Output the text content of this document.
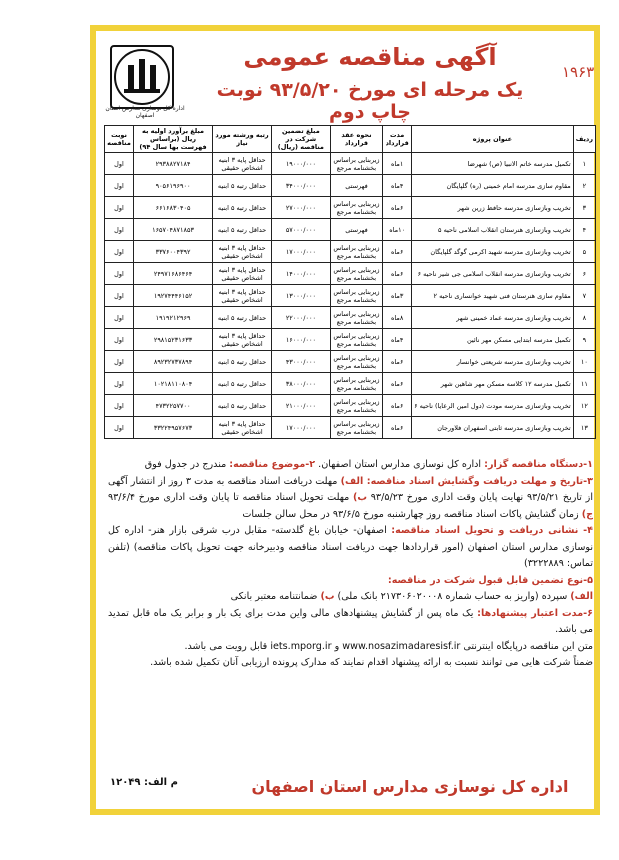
۱۹۶۳
اداره کل نوسازی مدارس استان اصفهان
آگهی مناقصه عمومی
یک مرحله ای مورخ ۹۳/۵/۲۰ نوبت چاپ دوم
ردیف	عنوان پروژه	مدت قرارداد	نحوه عقد قرارداد	مبلغ تضمین شرکت در مناقصه (ریال)	رتبه ورشته مورد نیاز	مبلغ برآورد اولیه به ریال (براساس فهرست بها سال ۹۴)	نوبت مناقصه
۱	تکمیل مدرسه خاتم الانبیا (ص) شهرضا	۱ماه	زیربنایی براساس بخشنامه مرجع	۱۹۰۰۰/۰۰۰	حداقل پایه ۳ ابنیه اشخاص حقیقی	۲۹۳۸۸۲۷۱۸۴	اول
۲	مقاوم سازی مدرسه امام خمینی (ره) گلپایگان	۴ماه	فهرستی	۳۴۰۰۰/۰۰۰	حداقل رتبه ۵ ابنیه	۹۰۵۶۱۹۶۹۰۰	اول
۳	تخریب وبازسازی مدرسه حافظ زرین شهر	۶ماه	زیربنایی براساس بخشنامه مرجع	۲۷۰۰۰/۰۰۰	حداقل رتبه ۵ ابنیه	۶۶۱۶۸۳۰۴۰۵	اول
۴	تخریب وبازسازی هنرستان انقلاب اسلامی ناحیه ۵	۱۰ماه	فهرستی	۵۷۰۰۰/۰۰۰	حداقل رتبه ۵ ابنیه	۱۶۵۷۰۴۸۷۱۸۵۳	اول
۵	تخریب وبازسازی مدرسه شهید اکرمی گوگد گلپایگان	۶ماه	زیربنایی براساس بخشنامه مرجع	۱۷۰۰۰/۰۰۰	حداقل پایه ۳ ابنیه اشخاص حقیقی	۳۳۷۶۰۰۴۳۹۲	اول
۶	تخریب وبازسازی مدرسه انقلاب اسلامی جی شیر ناحیه ۶	۶ماه	زیربنایی براساس بخشنامه مرجع	۱۴۰۰۰/۰۰۰	حداقل پایه ۳ ابنیه اشخاص حقیقی	۲۴۹۷۱۶۸۶۴۶۴	اول
۷	مقاوم سازی هنرستان فنی شهید خوانساری ناحیه ۲	۳ماه	زیربنایی براساس بخشنامه مرجع	۱۳۰۰۰/۰۰۰	حداقل پایه ۳ ابنیه اشخاص حقیقی	۱۹۲۷۴۴۴۶۱۵۲	اول
۸	تخریب وبازسازی مدرسه عماد خمینی شهر	۸ماه	زیربنایی براساس بخشنامه مرجع	۲۲۰۰۰/۰۰۰	حداقل رتبه ۵ ابنیه	۱۹۱۹۲۱۲۹۶۹	اول
۹	تکمیل مدرسه ابتدایی مسکن مهر نائین	۴ماه	زیربنایی براساس بخشنامه مرجع	۱۶۰۰۰/۰۰۰	حداقل پایه ۳ ابنیه اشخاص حقیقی	۲۹۸۱۵۲۳۱۶۳۳	اول
۱۰	تخریب وبازسازی مدرسه شریعتی خوانسار	۶ماه	زیربنایی براساس بخشنامه مرجع	۴۳۰۰۰/۰۰۰	حداقل رتبه ۵ ابنیه	۸۹۲۳۲۷۳۷۸۹۴	اول
۱۱	تکمیل مدرسه ۱۲ کلاسه مسکن مهر شاهین شهر	۶ماه	زیربنایی براساس بخشنامه مرجع	۳۸۰۰۰/۰۰۰	حداقل رتبه ۵ ابنیه	۱۰۲۱۸۱۱۰۸۰۴	اول
۱۲	تخریب وبازسازی مدرسه مودت (دول امین الرعایا) ناحیه ۶	۶ماه	زیربنایی براساس بخشنامه مرجع	۲۱۰۰۰/۰۰۰	حداقل رتبه ۵ ابنیه	۴۷۳۲۲۵۷۷۰۰	اول
۱۳	تخریب وبازسازی مدرسه ثابتی اسفهران فلاورجان	۶ماه	زیربنایی براساس بخشنامه مرجع	۱۷۰۰۰/۰۰۰	حداقل پایه ۳ ابنیه اشخاص حقیقی	۳۳۲۲۴۹۵۷۶۷۳	اول

۱-دستگاه مناقصه گزار: اداره کل نوسازی مدارس استان اصفهان. ۲-موضوع مناقصه: مندرج در جدول فوق

۳-تاریخ و مهلت دریافت وگشایش اسناد مناقصه: الف) مهلت دریافت اسناد مناقصه به مدت ۳ روز از انتشار آگهی از تاریخ ۹۳/۵/۲۱ نهایت پایان وقت اداری مورخ ۹۳/۵/۲۳ ب) مهلت تحویل اسناد مناقصه تا پایان وقت اداری مورخ ۹۳/۶/۴ ج) زمان گشایش پاکات اسناد مناقصه روز چهارشنبه مورخ ۹۳/۶/۵ در محل سالن جلسات

۴- نشانی دریافت و تحویل اسناد مناقصه: اصفهان- خیابان باغ گلدسته- مقابل درب شرقی بازار هنر- اداره کل نوسازی مدارس استان اصفهان (امور قراردادها جهت دریافت اسناد مناقصه ودبیرخانه جهت تحویل پاکات مناقصه) (تلفن تماس: ۳۲۲۲۸۸۹)

۵-نوع تضمین قابل قبول شرکت در مناقصه:

الف) سپرده (واریز به حساب شماره ۲۱۷۳۰۶۰۲۰۰۰۸ بانک ملی) ب) ضمانتنامه معتبر بانکی

۶-مدت اعتبار پیشنهادها: یک ماه پس از گشایش پیشنهادهای مالی واین مدت برای یک بار و برابر یک ماه قابل تمدید می باشد.

متن این مناقصه درپایگاه اینترنتی www.nosazimadaresisf.ir و iets.mporg.ir قابل رویت می باشد.

ضمناً شرکت هایی می توانند نسبت به ارائه پیشنهاد اقدام نمایند که مدارک پرونده ارزیابی آنان تکمیل شده باشد.

اداره کل نوسازی مدارس استان اصفهان
م الف: ۱۲۰۴۹
